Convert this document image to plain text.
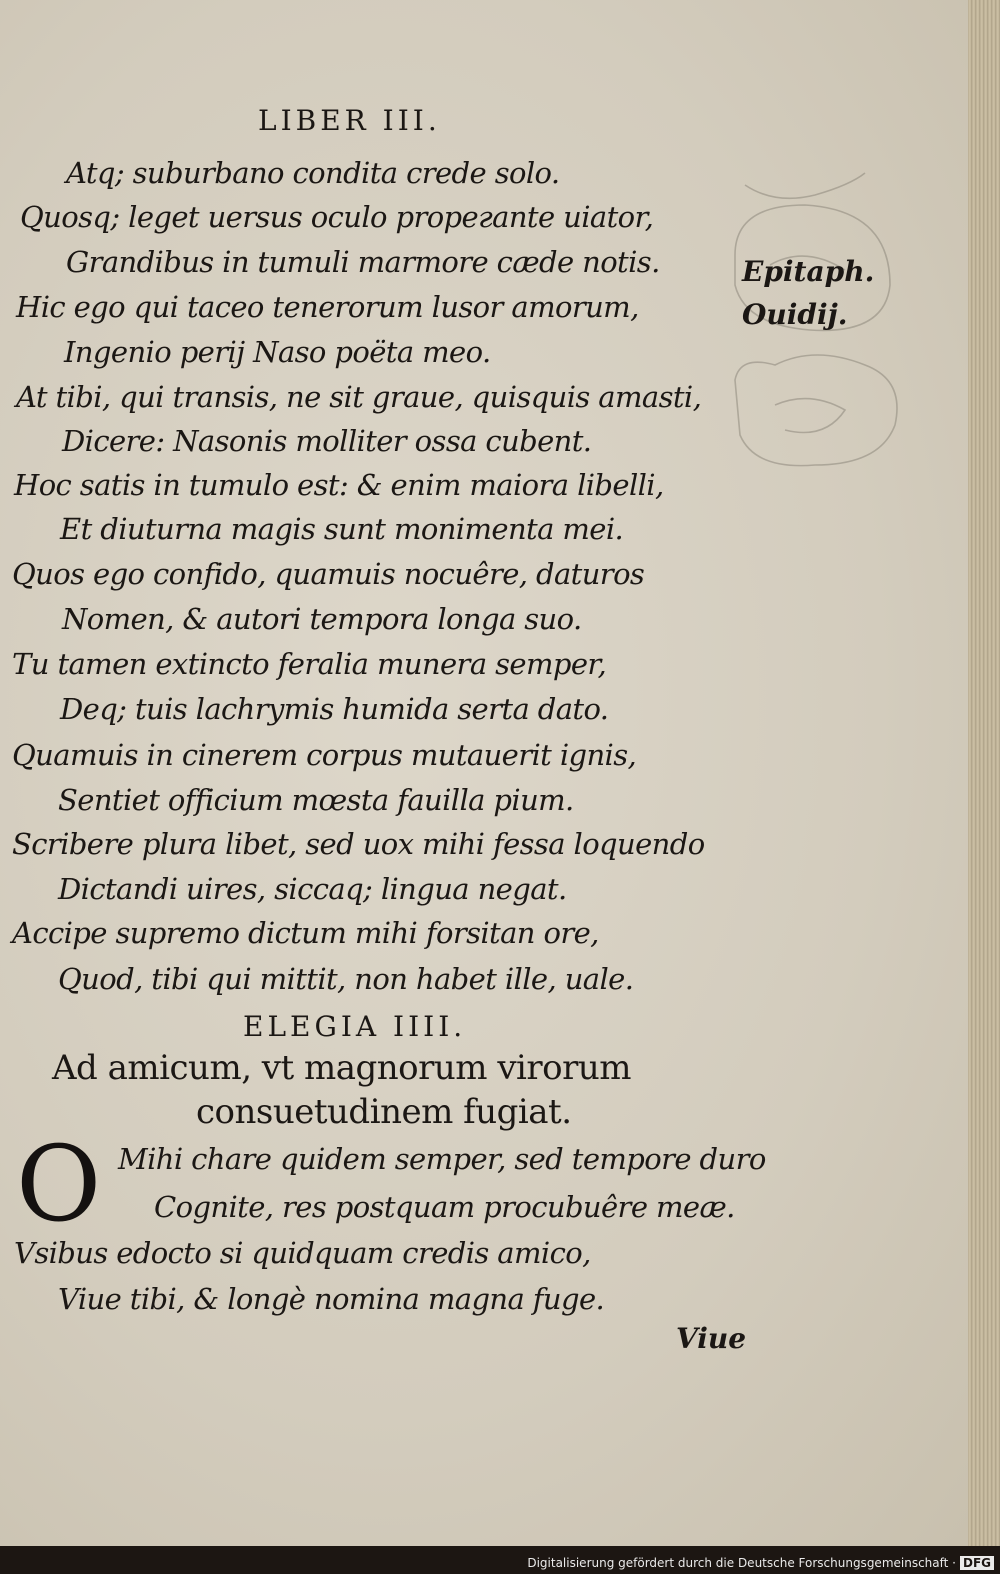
LIBER III.
Atq; suburbano condita crede solo.
Quosq; leget uersus oculo propeгante uiator,
Grandibus in tumuli marmore cæde notis.
Hic ego qui taceo tenerorum lusor amorum,
Ingenio perij Naso poëta meo.
At tibi, qui transis, ne sit graue, quisquis amasti,
Dicere: Nasonis molliter ossa cubent.
Hoc satis in tumulo est: & enim maiora libelli,
Et diuturna magis sunt monimenta mei.
Quos ego confido, quamuis nocuêre, daturos
Nomen, & autori tempora longa suo.
Tu tamen extincto feralia munera semper,
Deq; tuis lachrymis humida serta dato.
Quamuis in cinerem corpus mutauerit ignis,
Sentiet officium mœsta fauilla pium.
Scribere plura libet, sed uox mihi fessa loquendo
Dictandi uires, siccaq; lingua negat.
Accipe supremo dictum mihi forsitan ore,
Quod, tibi qui mittit, non habet ille, uale.
Epitaph.
Ouidij.
ELEGIA IIII.
Ad amicum, vt magnorum virorum
consuetudinem fugiat.
O Mihi chare quidem semper, sed tempore duro
Cognite, res postquam procubuêre meæ.
Vsibus edocto si quidquam credis amico,
Viue tibi, & longè nomina magna fuge.
Viue
Digitalisierung gefördert durch die Deutsche Forschungsgemeinschaft · DFG
